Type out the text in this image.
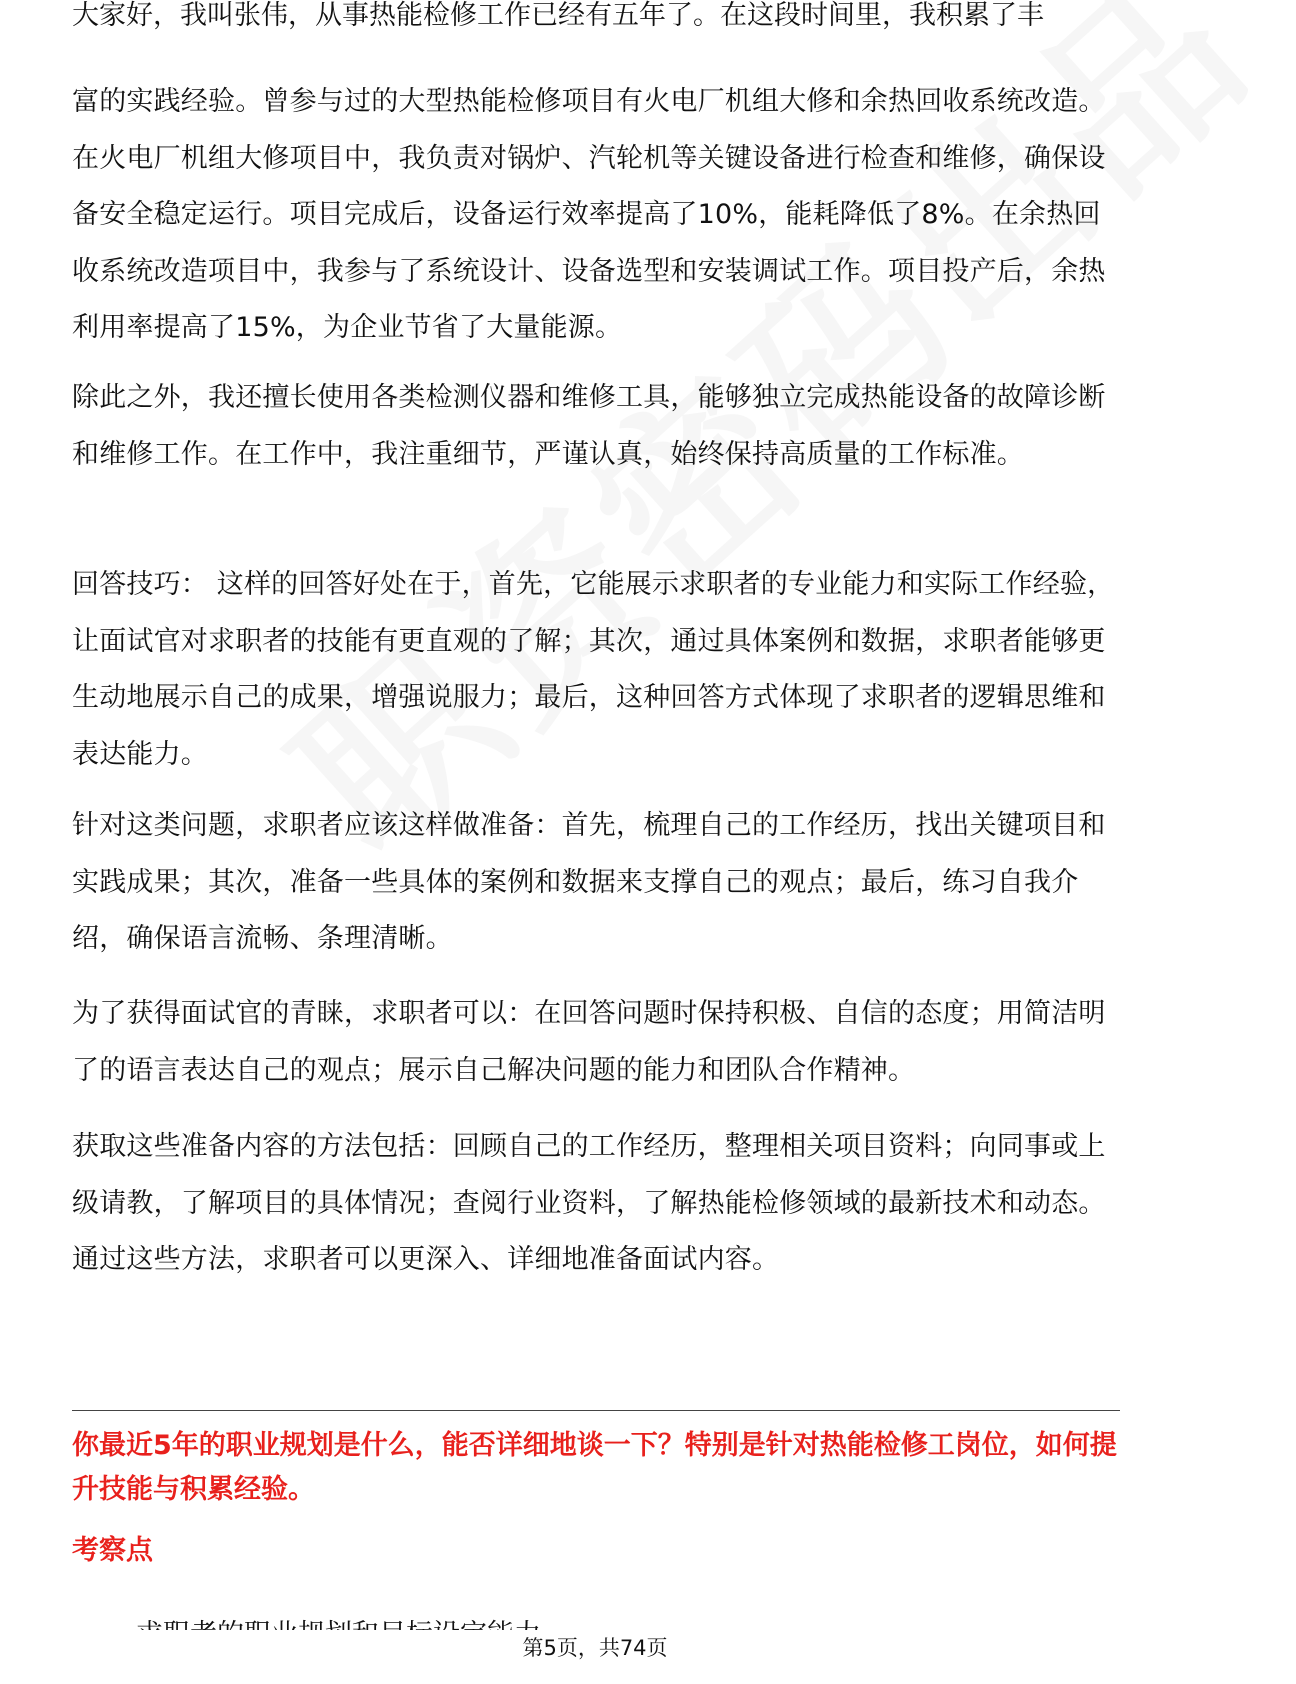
大家好，我叫张伟，从事热能检修工作已经有五年了。在这段时间里，我积累了丰

富的实践经验。曾参与过的大型热能检修项目有火电厂机组大修和余热回收系统改造。在火电厂机组大修项目中，我负责对锅炉、汽轮机等关键设备进行检查和维修，确保设备安全稳定运行。项目完成后，设备运行效率提高了10%，能耗降低了8%。在余热回收系统改造项目中，我参与了系统设计、设备选型和安装调试工作。项目投产后，余热利用率提高了15%，为企业节省了大量能源。

除此之外，我还擅长使用各类检测仪器和维修工具，能够独立完成热能设备的故障诊断和维修工作。在工作中，我注重细节，严谨认真，始终保持高质量的工作标准。

回答技巧： 这样的回答好处在于，首先，它能展示求职者的专业能力和实际工作经验，让面试官对求职者的技能有更直观的了解；其次，通过具体案例和数据，求职者能够更生动地展示自己的成果，增强说服力；最后，这种回答方式体现了求职者的逻辑思维和表达能力。

针对这类问题，求职者应该这样做准备：首先，梳理自己的工作经历，找出关键项目和实践成果；其次，准备一些具体的案例和数据来支撑自己的观点；最后，练习自我介绍，确保语言流畅、条理清晰。

为了获得面试官的青睐，求职者可以：在回答问题时保持积极、自信的态度；用简洁明了的语言表达自己的观点；展示自己解决问题的能力和团队合作精神。

获取这些准备内容的方法包括：回顾自己的工作经历，整理相关项目资料；向同事或上级请教，了解项目的具体情况；查阅行业资料，了解热能检修领域的最新技术和动态。通过这些方法，求职者可以更深入、详细地准备面试内容。

你最近5年的职业规划是什么，能否详细地谈一下？特别是针对热能检修工岗位，如何提升技能与积累经验。

考察点

第5页，共74页
